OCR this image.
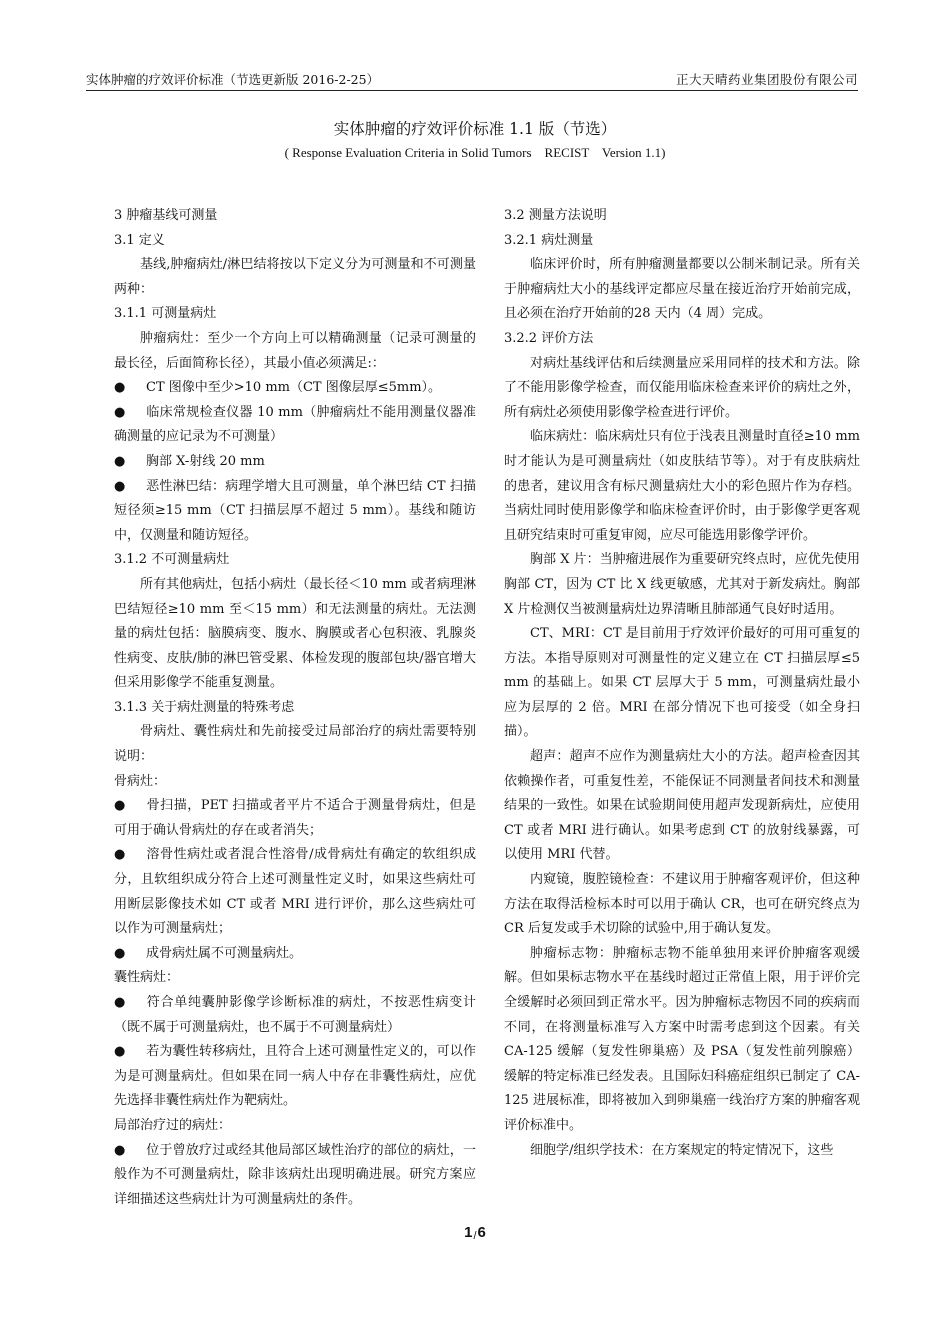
实体肿瘤的疗效评价标准（节选更新版 2016-2-25）	正大天晴药业集团股份有限公司
实体肿瘤的疗效评价标准 1.1 版（节选）
( Response Evaluation Criteria in Solid Tumors    RECIST    Version 1.1)

3 肿瘤基线可测量

3.1 定义

基线,肿瘤病灶/淋巴结将按以下定义分为可测量和不可测量两种：

3.1.1 可测量病灶

肿瘤病灶：至少一个方向上可以精确测量（记录可测量的最长径，后面简称长径），其最小值必须满足:：

● CT 图像中至少>10 mm（CT 图像层厚≤5mm）。

● 临床常规检查仪器 10 mm（肿瘤病灶不能用测量仪器准确测量的应记录为不可测量）

● 胸部 X-射线 20 mm

● 恶性淋巴结：病理学增大且可测量，单个淋巴结 CT 扫描短径须≥15 mm（CT 扫描层厚不超过 5 mm）。基线和随访中，仅测量和随访短径。

3.1.2 不可测量病灶

所有其他病灶，包括小病灶（最长径＜10 mm 或者病理淋巴结短径≥10 mm 至＜15 mm）和无法测量的病灶。无法测量的病灶包括：脑膜病变、腹水、胸膜或者心包积液、乳腺炎性病变、皮肤/肺的淋巴管受累、体检发现的腹部包块/器官增大但采用影像学不能重复测量。

3.1.3 关于病灶测量的特殊考虑

骨病灶、囊性病灶和先前接受过局部治疗的病灶需要特别说明：

骨病灶：

● 骨扫描，PET 扫描或者平片不适合于测量骨病灶，但是可用于确认骨病灶的存在或者消失；

● 溶骨性病灶或者混合性溶骨/成骨病灶有确定的软组织成分，且软组织成分符合上述可测量性定义时，如果这些病灶可用断层影像技术如 CT 或者 MRI 进行评价，那么这些病灶可以作为可测量病灶；

● 成骨病灶属不可测量病灶。

囊性病灶：

● 符合单纯囊肿影像学诊断标准的病灶，不按恶性病变计（既不属于可测量病灶，也不属于不可测量病灶）

● 若为囊性转移病灶，且符合上述可测量性定义的，可以作为是可测量病灶。但如果在同一病人中存在非囊性病灶，应优先选择非囊性病灶作为靶病灶。

局部治疗过的病灶：

● 位于曾放疗过或经其他局部区域性治疗的部位的病灶，一般作为不可测量病灶，除非该病灶出现明确进展。研究方案应详细描述这些病灶计为可测量病灶的条件。

3.2 测量方法说明

3.2.1 病灶测量

临床评价时，所有肿瘤测量都要以公制米制记录。所有关于肿瘤病灶大小的基线评定都应尽量在接近治疗开始前完成，且必须在治疗开始前的28 天内（4 周）完成。

3.2.2 评价方法

对病灶基线评估和后续测量应采用同样的技术和方法。除了不能用影像学检查，而仅能用临床检查来评价的病灶之外，所有病灶必须使用影像学检查进行评价。

临床病灶：临床病灶只有位于浅表且测量时直径≥10 mm 时才能认为是可测量病灶（如皮肤结节等）。对于有皮肤病灶的患者，建议用含有标尺测量病灶大小的彩色照片作为存档。当病灶同时使用影像学和临床检查评价时，由于影像学更客观且研究结束时可重复审阅，应尽可能选用影像学评价。

胸部 X 片：当肿瘤进展作为重要研究终点时，应优先使用胸部 CT，因为 CT 比 X 线更敏感，尤其对于新发病灶。胸部 X 片检测仅当被测量病灶边界清晰且肺部通气良好时适用。

CT、MRI：CT 是目前用于疗效评价最好的可用可重复的方法。本指导原则对可测量性的定义建立在 CT 扫描层厚≤5 mm 的基础上。如果 CT 层厚大于 5 mm，可测量病灶最小应为层厚的 2 倍。MRI 在部分情况下也可接受（如全身扫描）。

超声：超声不应作为测量病灶大小的方法。超声检查因其依赖操作者，可重复性差，不能保证不同测量者间技术和测量结果的一致性。如果在试验期间使用超声发现新病灶，应使用 CT 或者 MRI 进行确认。如果考虑到 CT 的放射线暴露，可以使用 MRI 代替。

内窥镜，腹腔镜检查：不建议用于肿瘤客观评价，但这种方法在取得活检标本时可以用于确认 CR，也可在研究终点为 CR 后复发或手术切除的试验中,用于确认复发。

肿瘤标志物：肿瘤标志物不能单独用来评价肿瘤客观缓解。但如果标志物水平在基线时超过正常值上限，用于评价完全缓解时必须回到正常水平。因为肿瘤标志物因不同的疾病而不同，在将测量标准写入方案中时需考虑到这个因素。有关 CA-125 缓解（复发性卵巢癌）及 PSA（复发性前列腺癌）缓解的特定标准已经发表。且国际妇科癌症组织已制定了 CA-125 进展标准，即将被加入到卵巢癌一线治疗方案的肿瘤客观评价标准中。

细胞学/组织学技术：在方案规定的特定情况下，这些

1/6
